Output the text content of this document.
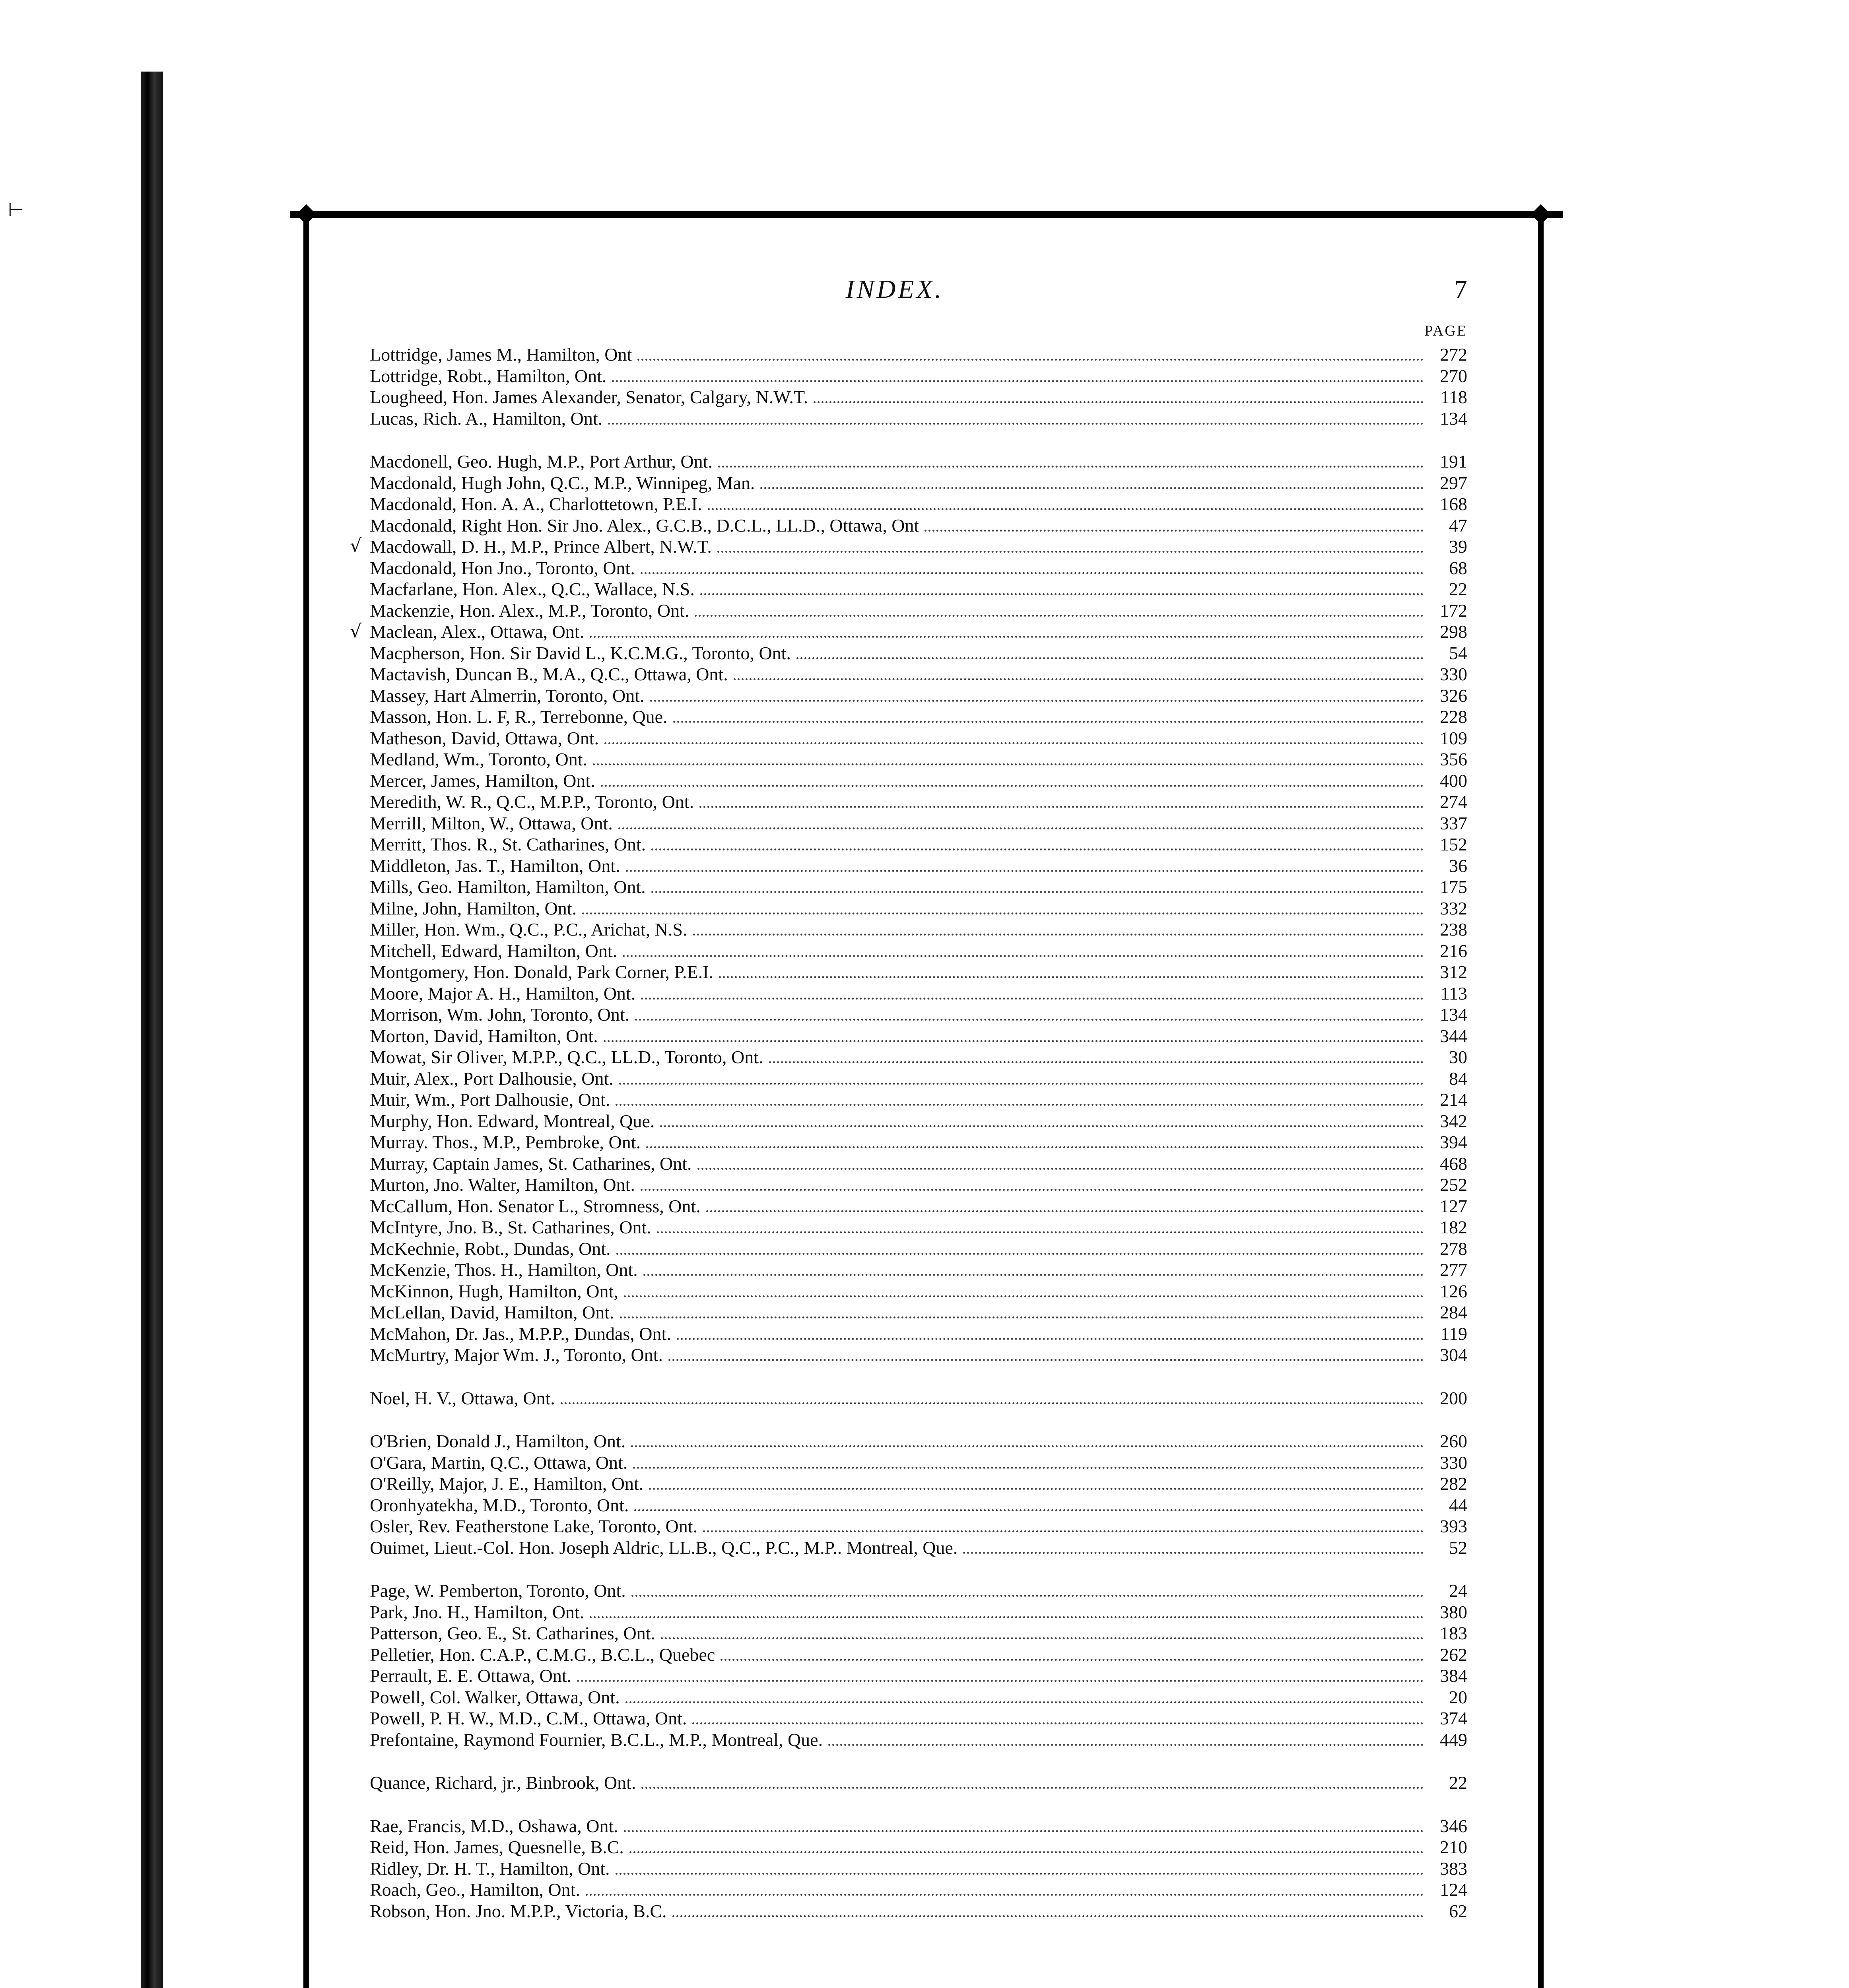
⊢
√
√
INDEX.	7
PAGE
Lottridge, James M., Hamilton, Ont	272
Lottridge, Robt., Hamilton, Ont.	270
Lougheed, Hon. James Alexander, Senator, Calgary, N.W.T.	118
Lucas, Rich. A., Hamilton, Ont.	134
Macdonell, Geo. Hugh, M.P., Port Arthur, Ont.	191
Macdonald, Hugh John, Q.C., M.P., Winnipeg, Man.	297
Macdonald, Hon. A. A., Charlottetown, P.E.I.	168
Macdonald, Right Hon. Sir Jno. Alex., G.C.B., D.C.L., LL.D., Ottawa, Ont	47
Macdowall, D. H., M.P., Prince Albert, N.W.T.	39
Macdonald, Hon Jno., Toronto, Ont.	68
Macfarlane, Hon. Alex., Q.C., Wallace, N.S.	22
Mackenzie, Hon. Alex., M.P., Toronto, Ont.	172
Maclean, Alex., Ottawa, Ont.	298
Macpherson, Hon. Sir David L., K.C.M.G., Toronto, Ont.	54
Mactavish, Duncan B., M.A., Q.C., Ottawa, Ont.	330
Massey, Hart Almerrin, Toronto, Ont.	326
Masson, Hon. L. F, R., Terrebonne, Que.	228
Matheson, David, Ottawa, Ont.	109
Medland, Wm., Toronto, Ont.	356
Mercer, James, Hamilton, Ont.	400
Meredith, W. R., Q.C., M.P.P., Toronto, Ont.	274
Merrill, Milton, W., Ottawa, Ont.	337
Merritt, Thos. R., St. Catharines, Ont.	152
Middleton, Jas. T., Hamilton, Ont.	36
Mills, Geo. Hamilton, Hamilton, Ont.	175
Milne, John, Hamilton, Ont.	332
Miller, Hon. Wm., Q.C., P.C., Arichat, N.S.	238
Mitchell, Edward, Hamilton, Ont.	216
Montgomery, Hon. Donald, Park Corner, P.E.I.	312
Moore, Major A. H., Hamilton, Ont.	113
Morrison, Wm. John, Toronto, Ont.	134
Morton, David, Hamilton, Ont.	344
Mowat, Sir Oliver, M.P.P., Q.C., LL.D., Toronto, Ont.	30
Muir, Alex., Port Dalhousie, Ont.	84
Muir, Wm., Port Dalhousie, Ont.	214
Murphy, Hon. Edward, Montreal, Que.	342
Murray. Thos., M.P., Pembroke, Ont.	394
Murray, Captain James, St. Catharines, Ont.	468
Murton, Jno. Walter, Hamilton, Ont.	252
McCallum, Hon. Senator L., Stromness, Ont.	127
McIntyre, Jno. B., St. Catharines, Ont.	182
McKechnie, Robt., Dundas, Ont.	278
McKenzie, Thos. H., Hamilton, Ont.	277
McKinnon, Hugh, Hamilton, Ont,	126
McLellan, David, Hamilton, Ont.	284
McMahon, Dr. Jas., M.P.P., Dundas, Ont.	119
McMurtry, Major Wm. J., Toronto, Ont.	304
Noel, H. V., Ottawa, Ont.	200
O'Brien, Donald J., Hamilton, Ont.	260
O'Gara, Martin, Q.C., Ottawa, Ont.	330
O'Reilly, Major, J. E., Hamilton, Ont.	282
Oronhyatekha, M.D., Toronto, Ont.	44
Osler, Rev. Featherstone Lake, Toronto, Ont.	393
Ouimet, Lieut.-Col. Hon. Joseph Aldric, LL.B., Q.C., P.C., M.P.. Montreal, Que.	52
Page, W. Pemberton, Toronto, Ont.	24
Park, Jno. H., Hamilton, Ont.	380
Patterson, Geo. E., St. Catharines, Ont.	183
Pelletier, Hon. C.A.P., C.M.G., B.C.L., Quebec	262
Perrault, E. E. Ottawa, Ont.	384
Powell, Col. Walker, Ottawa, Ont.	20
Powell, P. H. W., M.D., C.M., Ottawa, Ont.	374
Prefontaine, Raymond Fournier, B.C.L., M.P., Montreal, Que.	449
Quance, Richard, jr., Binbrook, Ont.	22
Rae, Francis, M.D., Oshawa, Ont.	346
Reid, Hon. James, Quesnelle, B.C.	210
Ridley, Dr. H. T., Hamilton, Ont.	383
Roach, Geo., Hamilton, Ont.	124
Robson, Hon. Jno. M.P.P., Victoria, B.C.	62
